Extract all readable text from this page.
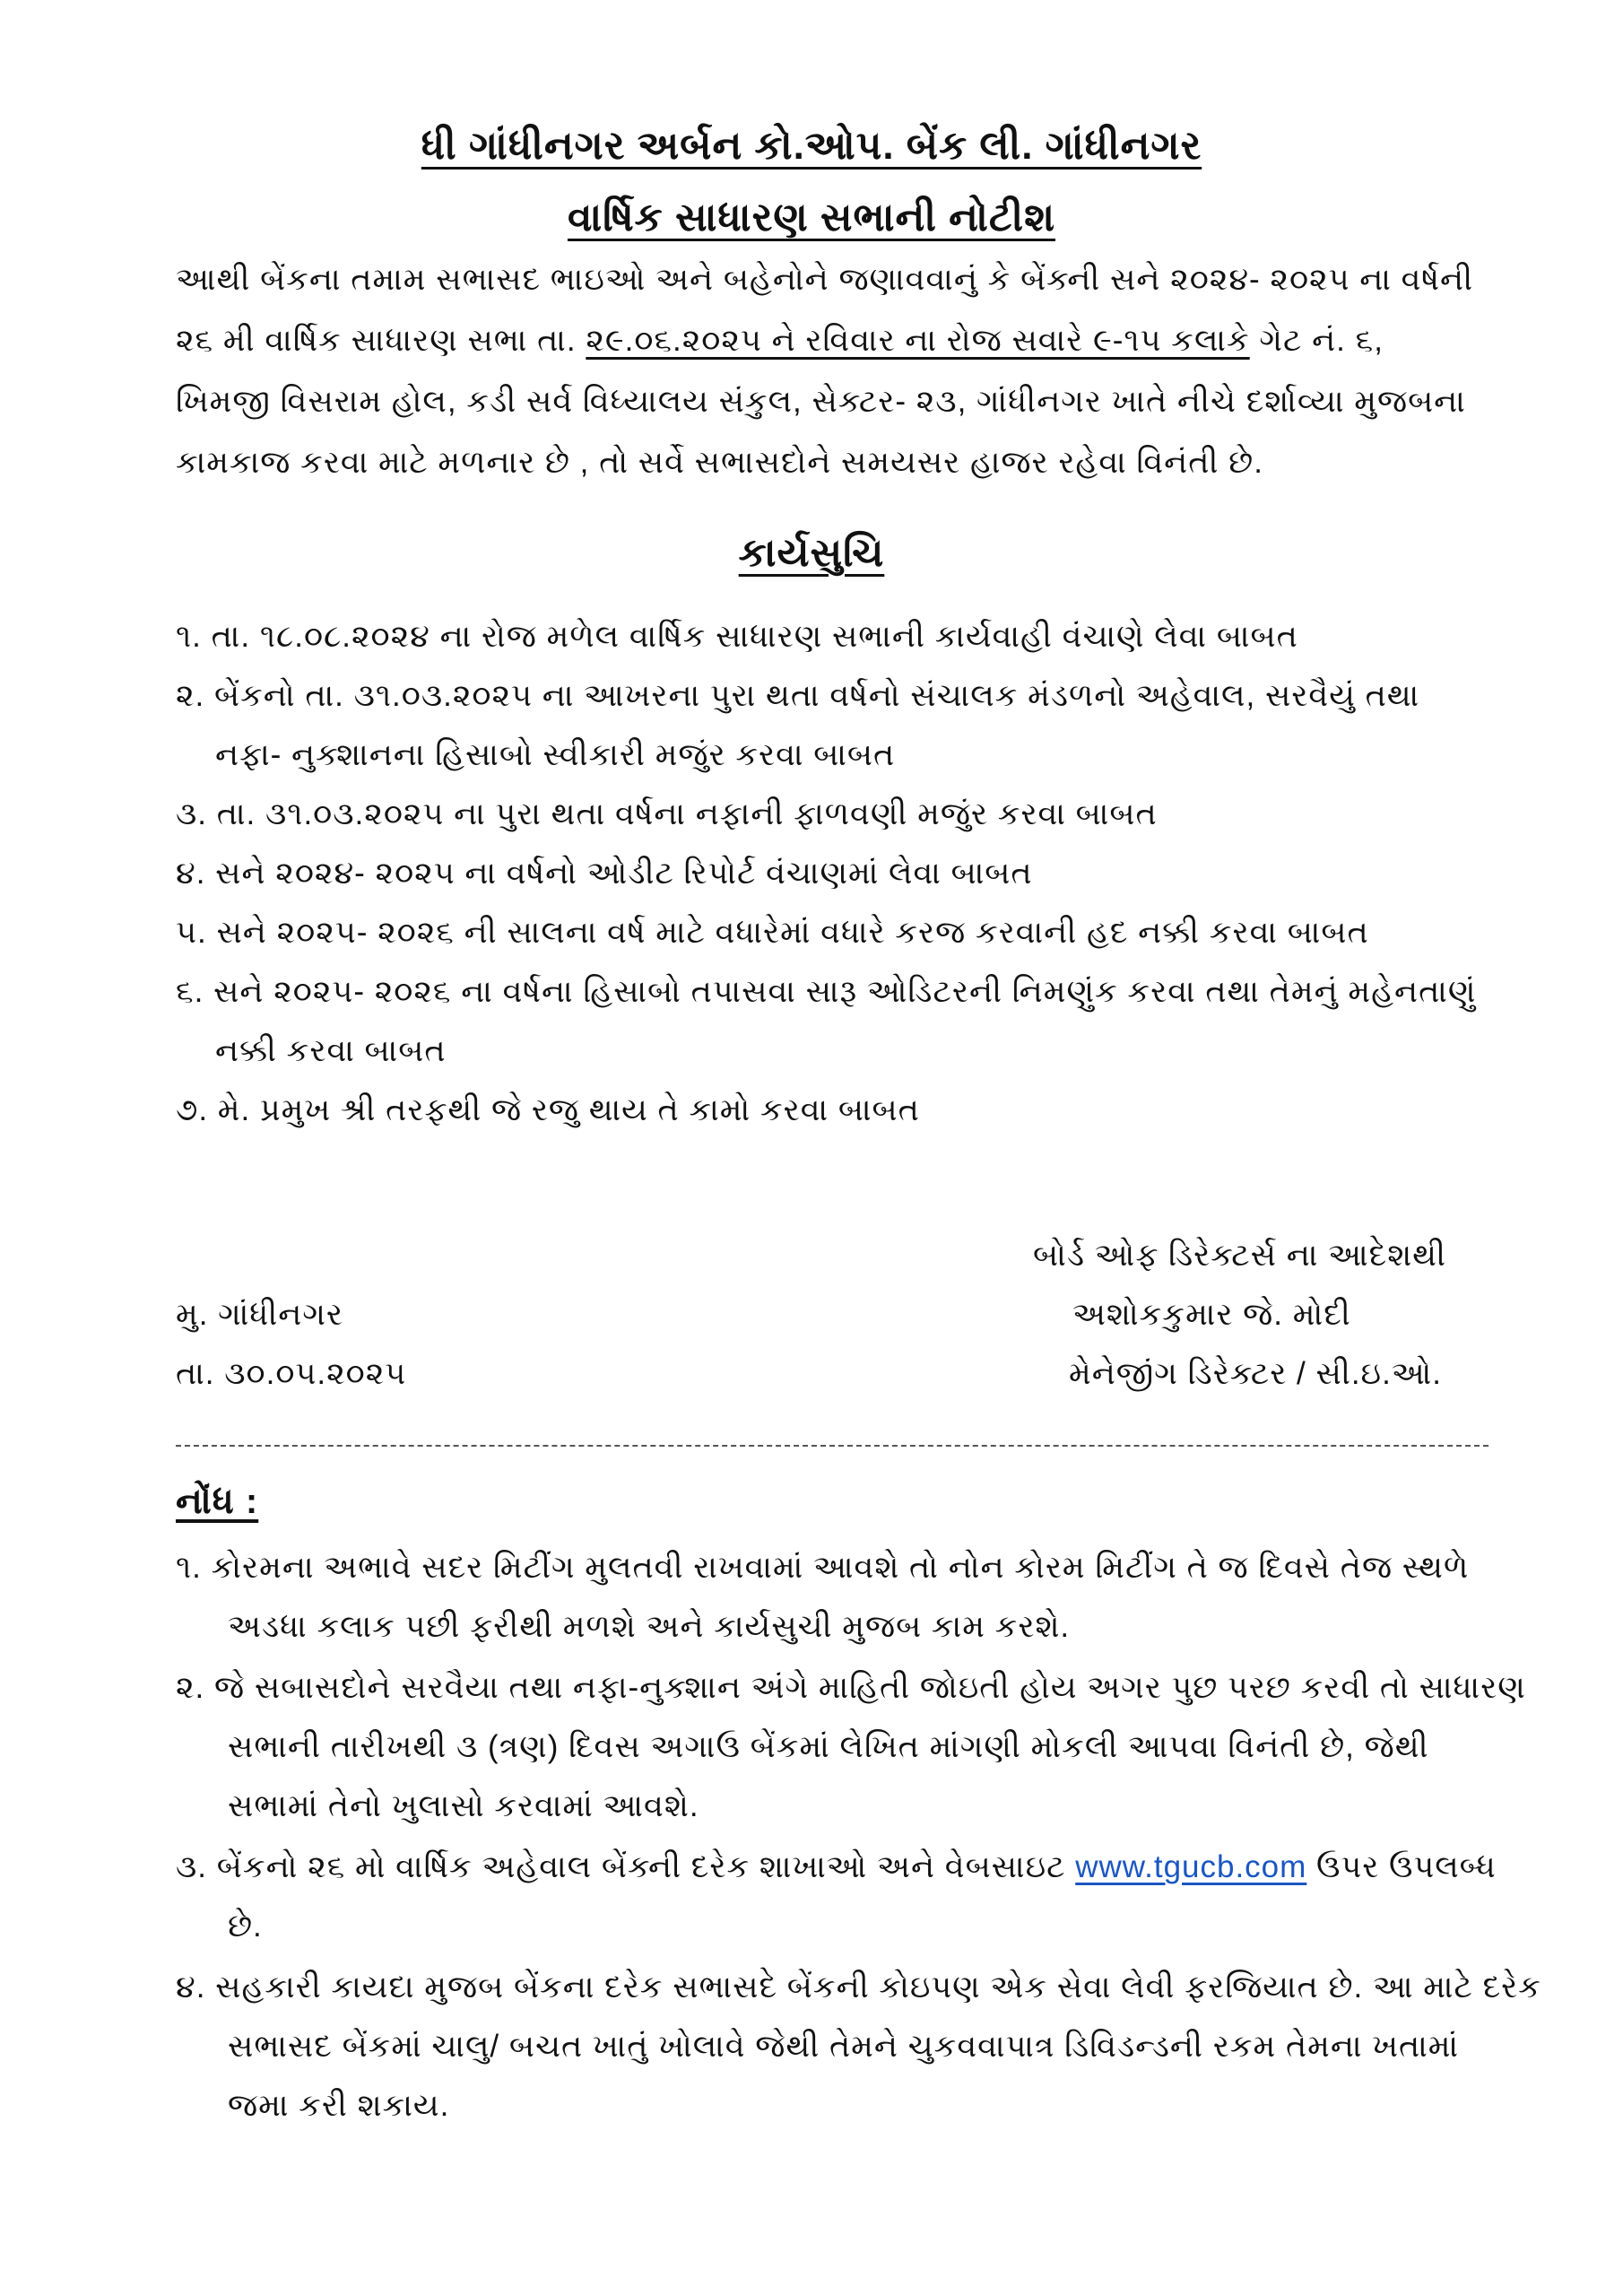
ધી ગાંધીનગર અર્બન કો.ઓપ. બેંક લી. ગાંધીનગર
વાર્ષિક સાધારણ સભાની નોટીશ
આથી બેંકના તમામ સભાસદ ભાઇઓ અને બહેનોને જણાવવાનું કે બેંક્ની સને ૨૦૨૪- ૨૦૨૫ ના વર્ષની
૨૬ મી વાર્ષિક સાધારણ સભા તા. ૨૯.૦૬.૨૦૨૫ ને રવિવાર ના રોજ સવારે ૯-૧૫ કલાકે ગેટ નં. ૬,
ખિમજી વિસરામ હોલ, કડી સર્વ વિધ્યાલય સંકુલ, સેક્ટર- ૨૩, ગાંધીનગર ખાતે નીચે દર્શાવ્યા મુજબના
કામકાજ કરવા માટે મળનાર છે , તો સર્વે સભાસદોને સમયસર હાજર રહેવા વિનંતી છે.
કાર્યસુચિ
૧. તા. ૧૮.૦૮.૨૦૨૪ ના રોજ મળેલ વાર્ષિક સાધારણ સભાની કાર્યવાહી વંચાણે લેવા બાબત
૨. બેંકનો તા. ૩૧.૦૩.૨૦૨૫ ના આખરના પુરા થતા વર્ષનો સંચાલક મંડળનો અહેવાલ, સરવૈયું તથા
નફા- નુક્શાનના હિસાબો સ્વીકારી મજુંર કરવા બાબત
૩. તા. ૩૧.૦૩.૨૦૨૫ ના પુરા થતા વર્ષના નફાની ફાળવણી મજુંર કરવા બાબત
૪. સને ૨૦૨૪- ૨૦૨૫ ના વર્ષનો ઓડીટ રિપોર્ટ વંચાણમાં લેવા બાબત
૫. સને ૨૦૨૫- ૨૦૨૬ ની સાલના વર્ષ માટે વધારેમાં વધારે કરજ કરવાની હદ નક્કી કરવા બાબત
૬. સને ૨૦૨૫- ૨૦૨૬ ના વર્ષના હિસાબો તપાસવા સારૂ ઓડિટરની નિમણુંક કરવા તથા તેમનું મહેનતાણું
નક્કી કરવા બાબત
૭. મે. પ્રમુખ શ્રી તરફથી જે રજુ થાય તે કામો કરવા બાબત
બોર્ડ ઓફ ડિરેક્ટર્સ ના આદેશથી
મુ. ગાંધીનગર	અશોકકુમાર જે. મોદી
તા. ૩૦.૦૫.૨૦૨૫	મેનેજીંગ ડિરેક્ટર / સી.ઇ.ઓ.
નોંધ :
૧. કોરમના અભાવે સદર મિટીંગ મુલતવી રાખવામાં આવશે તો નોન કોરમ મિટીંગ તે જ દિવસે તેજ સ્થળે
અડધા કલાક પછી ફરીથી મળશે અને કાર્યસુચી મુજબ કામ કરશે.
૨. જે સબાસદોને સરવૈયા તથા નફા-નુક્શાન અંગે માહિતી જોઇતી હોય અગર પુછ પરછ કરવી તો સાધારણ
સભાની તારીખથી ૩ (ત્રણ) દિવસ અગાઉ બેંકમાં લેખિત માંગણી મોકલી આપવા વિનંતી છે, જેથી
સભામાં તેનો ખુલાસો કરવામાં આવશે.
૩. બેંકનો ૨૬ મો વાર્ષિક અહેવાલ બેંક્ની દરેક શાખાઓ અને વેબસાઇટ www.tgucb.com ઉપર ઉપલબ્ધ
છે.
૪. સહકારી કાયદા મુજબ બેંકના દરેક સભાસદે બેંકની કોઇપણ એક સેવા લેવી ફરજિયાત છે. આ માટે દરેક
સભાસદ બેંકમાં ચાલુ/ બચત ખાતું ખોલાવે જેથી તેમને ચુકવવાપાત્ર ડિવિડન્ડની રકમ તેમના ખતામાં
જમા કરી શકાય.
